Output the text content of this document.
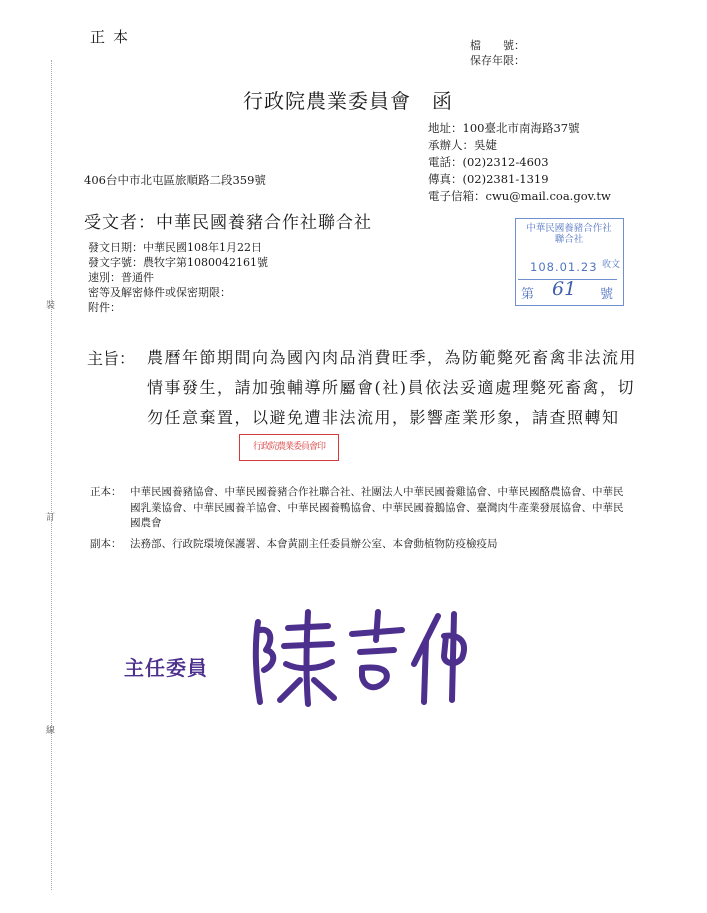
裝
訂
線
正本	檔　　號：
保存年限：
行政院農業委員會　函
地址：100臺北市南海路37號
承辦人：吳婕
電話：(02)2312-4603
傳真：(02)2381-1319
電子信箱：cwu@mail.coa.gov.tw
406台中市北屯區旅順路二段359號
受文者：中華民國養豬合作社聯合社
發文日期：中華民國108年1月22日
發文字號：農牧字第1080042161號
速別：普通件
密等及解密條件或保密期限：
附件：
中華民國養豬合作社聯合社
108.01.23 收文
第 61 號
主旨： 農曆年節期間向為國內肉品消費旺季，為防範斃死畜禽非法流用情事發生，請加強輔導所屬會(社)員依法妥適處理斃死畜禽，切勿任意棄置，以避免遭非法流用，影響產業形象，請查照轉知
行政院農業委員會印
正本： 中華民國養豬協會、中華民國養豬合作社聯合社、社團法人中華民國養雞協會、中華民國酪農協會、中華民國乳業協會、中華民國養羊協會、中華民國養鴨協會、中華民國養鵝協會、臺灣肉牛產業發展協會、中華民國農會
副本： 法務部、行政院環境保護署、本會黃副主任委員辦公室、本會動植物防疫檢疫局
主任委員
